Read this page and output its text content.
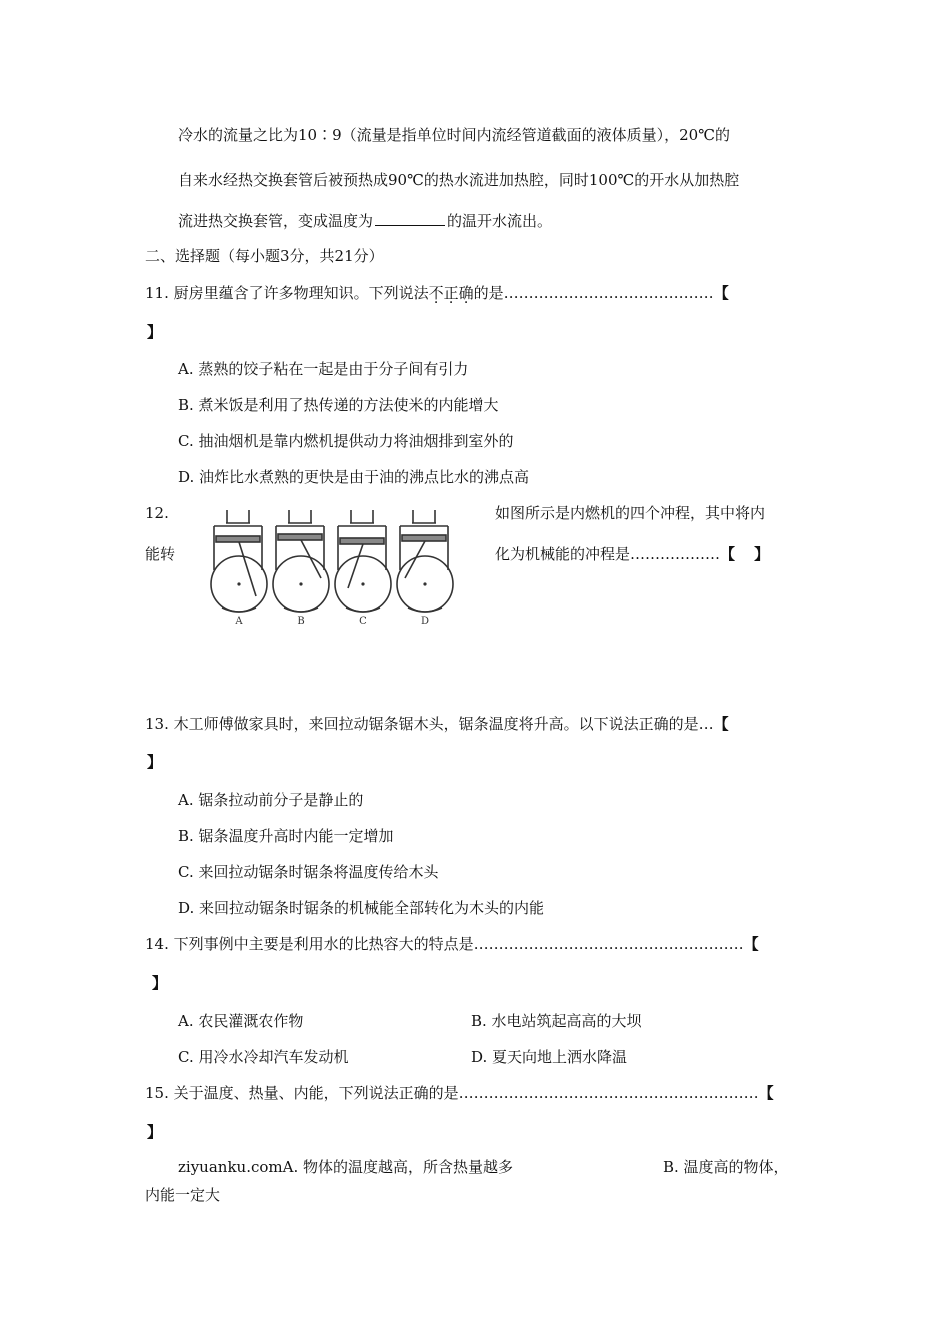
冷水的流量之比为10∶9（流量是指单位时间内流经管道截面的液体质量），20℃的
自来水经热交换套管后被预热成90℃的热水流进加热腔，同时100℃的开水从加热腔
流进热交换套管，变成温度为	的温开水流出。
二、选择题（每小题3分，共21分）
11. 厨房里蕴含了许多物理知识。下列说法不正确的是……………………………………【
】
A. 蒸熟的饺子粘在一起是由于分子间有引力
B. 煮米饭是利用了热传递的方法使米的内能增大
C. 抽油烟机是靠内燃机提供动力将油烟排到室外的
D. 油炸比水煮熟的更快是由于油的沸点比水的沸点高
12.
能转
如图所示是内燃机的四个冲程，其中将内
化为机械能的冲程是………………【 】
A	B	C	D
13. 木工师傅做家具时，来回拉动锯条锯木头，锯条温度将升高。以下说法正确的是…【
】
A. 锯条拉动前分子是静止的
B. 锯条温度升高时内能一定增加
C. 来回拉动锯条时锯条将温度传给木头
D. 来回拉动锯条时锯条的机械能全部转化为木头的内能
14. 下列事例中主要是利用水的比热容大的特点是………………………………………………【
】
A. 农民灌溉农作物	B. 水电站筑起高高的大坝
C. 用冷水冷却汽车发动机	D. 夏天向地上洒水降温
15. 关于温度、热量、内能，下列说法正确的是……………………………………………………【
】
ziyuanku.comA. 物体的温度越高，所含热量越多	B. 温度高的物体，
内能一定大
